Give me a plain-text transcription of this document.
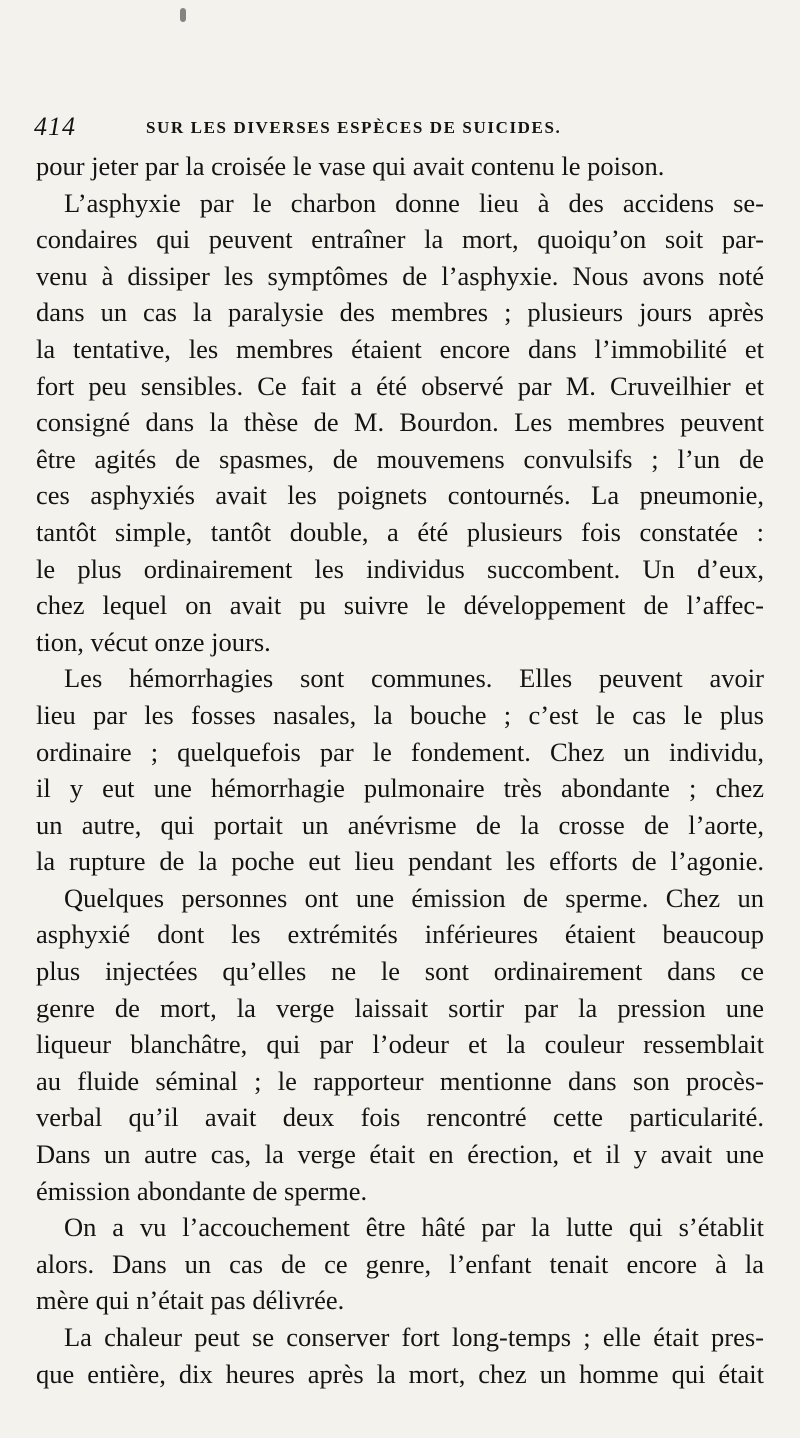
414	SUR LES DIVERSES ESPÈCES DE SUICIDES.
pour jeter par la croisée le vase qui avait contenu le poison.
L’asphyxie par le charbon donne lieu à des accidens se-
condaires qui peuvent entraîner la mort, quoiqu’on soit par-
venu à dissiper les symptômes de l’asphyxie. Nous avons noté
dans un cas la paralysie des membres ; plusieurs jours après
la tentative, les membres étaient encore dans l’immobilité et
fort peu sensibles. Ce fait a été observé par M. Cruveilhier et
consigné dans la thèse de M. Bourdon. Les membres peuvent
être agités de spasmes, de mouvemens convulsifs ; l’un de
ces asphyxiés avait les poignets contournés. La pneumonie,
tantôt simple, tantôt double, a été plusieurs fois constatée :
le plus ordinairement les individus succombent. Un d’eux,
chez lequel on avait pu suivre le développement de l’affec-
tion, vécut onze jours.
Les hémorrhagies sont communes. Elles peuvent avoir
lieu par les fosses nasales, la bouche ; c’est le cas le plus
ordinaire ; quelquefois par le fondement. Chez un individu,
il y eut une hémorrhagie pulmonaire très abondante ; chez
un autre, qui portait un anévrisme de la crosse de l’aorte,
la rupture de la poche eut lieu pendant les efforts de l’agonie.
Quelques personnes ont une émission de sperme. Chez un
asphyxié dont les extrémités inférieures étaient beaucoup
plus injectées qu’elles ne le sont ordinairement dans ce
genre de mort, la verge laissait sortir par la pression une
liqueur blanchâtre, qui par l’odeur et la couleur ressemblait
au fluide séminal ; le rapporteur mentionne dans son procès-
verbal qu’il avait deux fois rencontré cette particularité.
Dans un autre cas, la verge était en érection, et il y avait une
émission abondante de sperme.
On a vu l’accouchement être hâté par la lutte qui s’établit
alors. Dans un cas de ce genre, l’enfant tenait encore à la
mère qui n’était pas délivrée.
La chaleur peut se conserver fort long-temps ; elle était pres-
que entière, dix heures après la mort, chez un homme qui était
